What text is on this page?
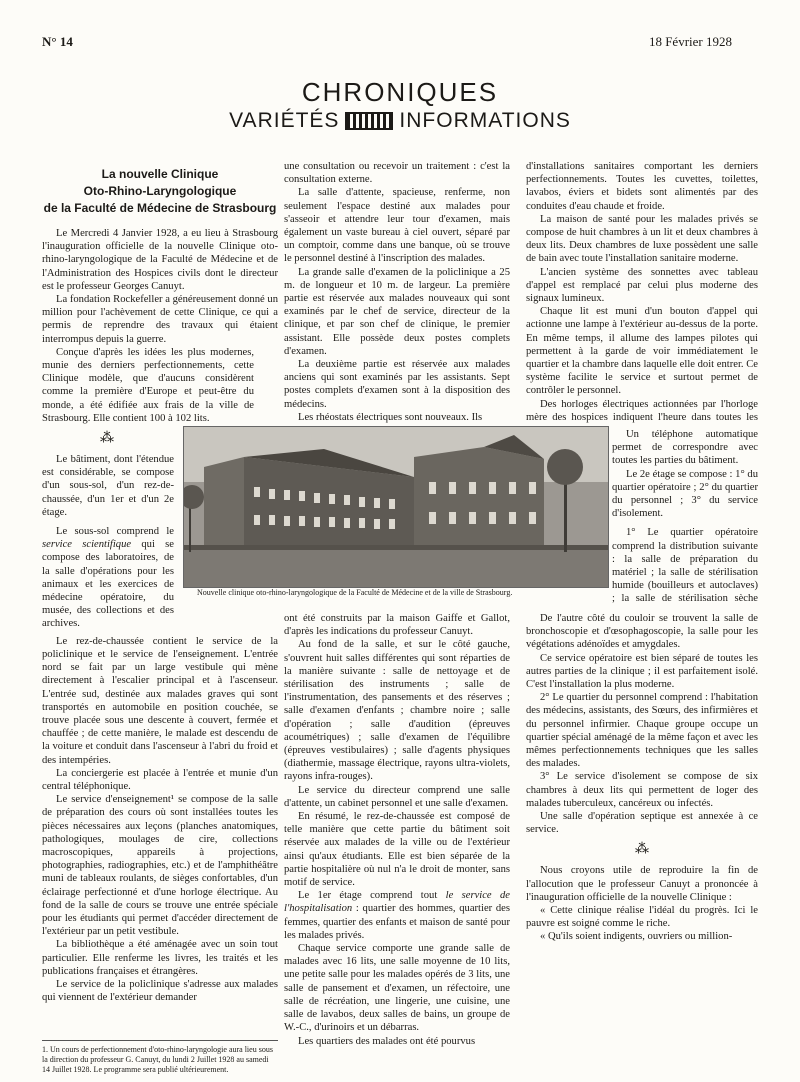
N° 14	18 Février 1928
CHRONIQUES
VARIÉTÉS	INFORMATIONS
La nouvelle Clinique
Oto-Rhino-Laryngologique
de la Faculté de Médecine de Strasbourg

Le Mercredi 4 Janvier 1928, a eu lieu à Strasbourg l'inauguration officielle de la nouvelle Clinique oto-rhino-laryngologique de la Faculté de Médecine et de l'Administration des Hospices civils dont le directeur est le professeur Georges Canuyt.

La fondation Rockefeller a généreusement donné un million pour l'achèvement de cette Clinique, ce qui a permis de reprendre des travaux qui étaient interrompus depuis la guerre.

Conçue d'après les idées les plus modernes, munie des derniers perfectionnements, cette Clinique modèle, que d'aucuns considèrent comme la première d'Europe et peut-être du monde, a été édifiée aux frais de la ville de Strasbourg. Elle contient 100 à 102 lits.

⁂

Le bâtiment, dont l'étendue est considérable, se compose d'un sous-sol, d'un rez-de-chaussée, d'un 1er et d'un 2e étage.

Le sous-sol comprend le service scientifique qui se compose des laboratoires, de la salle d'opérations pour les animaux et les exercices de médecine opératoire, du musée, des collections et des archives.

Le rez-de-chaussée contient le service de la policlinique et le service de l'enseignement. L'entrée nord se fait par un large vestibule qui mène directement à l'escalier principal et à l'ascenseur. L'entrée sud, destinée aux malades graves qui sont transportés en automobile en position couchée, se trouve placée sous une descente à couvert, fermée et chauffée ; de cette manière, le malade est descendu de la voiture et conduit dans l'ascenseur à l'abri du froid et des intempéries.

La conciergerie est placée à l'entrée et munie d'un central téléphonique.

Le service d'enseignement¹ se compose de la salle de préparation des cours où sont installées toutes les pièces nécessaires aux leçons (planches anatomiques, pathologiques, moulages de cire, collections macroscopiques, appareils à projections, photographies, radiographies, etc.) et de l'amphithéâtre muni de tableaux roulants, de sièges confortables, d'un éclairage perfectionné et d'une horloge électrique. Au fond de la salle de cours se trouve une entrée spéciale pour les étudiants qui permet d'accéder directement de l'extérieur par un petit vestibule.

La bibliothèque a été aménagée avec un soin tout particulier. Elle renferme les livres, les traités et les publications françaises et étrangères.

Le service de la policlinique s'adresse aux malades qui viennent de l'extérieur demander

1. Un cours de perfectionnement d'oto-rhino-laryngologie aura lieu sous la direction du professeur G. Canuyt, du lundi 2 Juillet 1928 au samedi 14 Juillet 1928. Le programme sera publié ultérieurement.

une consultation ou recevoir un traitement : c'est la consultation externe.

La salle d'attente, spacieuse, renferme, non seulement l'espace destiné aux malades pour s'asseoir et attendre leur tour d'examen, mais également un vaste bureau à ciel ouvert, séparé par un comptoir, comme dans une banque, où se trouve le personnel destiné à l'inscription des malades.

La grande salle d'examen de la policlinique a 25 m. de longueur et 10 m. de largeur. La première partie est réservée aux malades nouveaux qui sont examinés par le chef de service, directeur de la clinique, et par son chef de clinique, le premier assistant. Elle possède deux postes complets d'examen.

La deuxième partie est réservée aux malades anciens qui sont examinés par les assistants. Sept postes complets d'examen sont à la disposition des médecins.

Les rhéostats électriques sont nouveaux. Ils

ont été construits par la maison Gaiffe et Gallot, d'après les indications du professeur Canuyt.

Au fond de la salle, et sur le côté gauche, s'ouvrent huit salles différentes qui sont réparties de la manière suivante : salle de nettoyage et de stérilisation des instruments ; salle de l'instrumentation, des pansements et des réserves ; salle d'examen d'enfants ; chambre noire ; salle d'opération ; salle d'audition (épreuves acoumétriques) ; salle d'examen de l'équilibre (épreuves vestibulaires) ; salle d'agents physiques (diathermie, massage électrique, rayons ultra-violets, rayons infra-rouges).

Le service du directeur comprend une salle d'attente, un cabinet personnel et une salle d'examen.

En résumé, le rez-de-chaussée est composé de telle manière que cette partie du bâtiment soit réservée aux malades de la ville ou de l'extérieur ainsi qu'aux étudiants. Elle est bien séparée de la partie hospitalière où nul n'a le droit de monter, sans motif de service.

Le 1er étage comprend tout le service de l'hospitalisation : quartier des hommes, quartier des femmes, quartier des enfants et maison de santé pour les malades privés.

Chaque service comporte une grande salle de malades avec 16 lits, une salle moyenne de 10 lits, une petite salle pour les malades opérés de 3 lits, une salle de pansement et d'examen, un réfectoire, une salle de récréation, une lingerie, une cuisine, une salle de lavabos, deux salles de bains, un groupe de W.-C., d'urinoirs et un débarras.

Les quartiers des malades ont été pourvus

Nouvelle clinique oto-rhino-laryngologique de la Faculté de Médecine et de la ville de Strasbourg.

d'installations sanitaires comportant les derniers perfectionnements. Toutes les cuvettes, toilettes, lavabos, éviers et bidets sont alimentés par des conduites d'eau chaude et froide.

La maison de santé pour les malades privés se compose de huit chambres à un lit et deux chambres à deux lits. Deux chambres de luxe possèdent une salle de bain avec toute l'installation sanitaire moderne.

L'ancien système des sonnettes avec tableau d'appel est remplacé par celui plus moderne des signaux lumineux.

Chaque lit est muni d'un bouton d'appel qui actionne une lampe à l'extérieur au-dessus de la porte. En même temps, il allume des lampes pilotes qui permettent à la garde de voir immédiatement le quartier et la chambre dans laquelle elle doit entrer. Ce système facilite le service et surtout permet de contrôler le personnel.

Des horloges électriques actionnées par l'horloge mère des hospices indiquent l'heure dans toutes les

Un téléphone automatique permet de correspondre avec toutes les parties du bâtiment.

Le 2e étage se compose : 1° du quartier opératoire ; 2° du quartier du personnel ; 3° du service d'isolement.

1° Le quartier opératoire comprend la distribution suivante : la salle de préparation du matériel ; la salle de stérilisation humide (bouilleurs et autoclaves) ; la salle de stérilisation sèche

De l'autre côté du couloir se trouvent la salle de bronchoscopie et d'œsophagoscopie, la salle pour les végétations adénoïdes et amygdales.

Ce service opératoire est bien séparé de toutes les autres parties de la clinique ; il est parfaitement isolé. C'est l'installation la plus moderne.

2° Le quartier du personnel comprend : l'habitation des médecins, assistants, des Sœurs, des infirmières et du personnel infirmier. Chaque groupe occupe un quartier spécial aménagé de la même façon et avec les mêmes perfectionnements techniques que les salles des malades.

3° Le service d'isolement se compose de six chambres à deux lits qui permettent de loger des malades tuberculeux, cancéreux ou infectés.

Une salle d'opération septique est annexée à ce service.

⁂

Nous croyons utile de reproduire la fin de l'allocution que le professeur Canuyt a prononcée à l'inauguration officielle de la nouvelle Clinique :

« Cette clinique réalise l'idéal du progrès. Ici le pauvre est soigné comme le riche.

« Qu'ils soient indigents, ouvriers ou million-
